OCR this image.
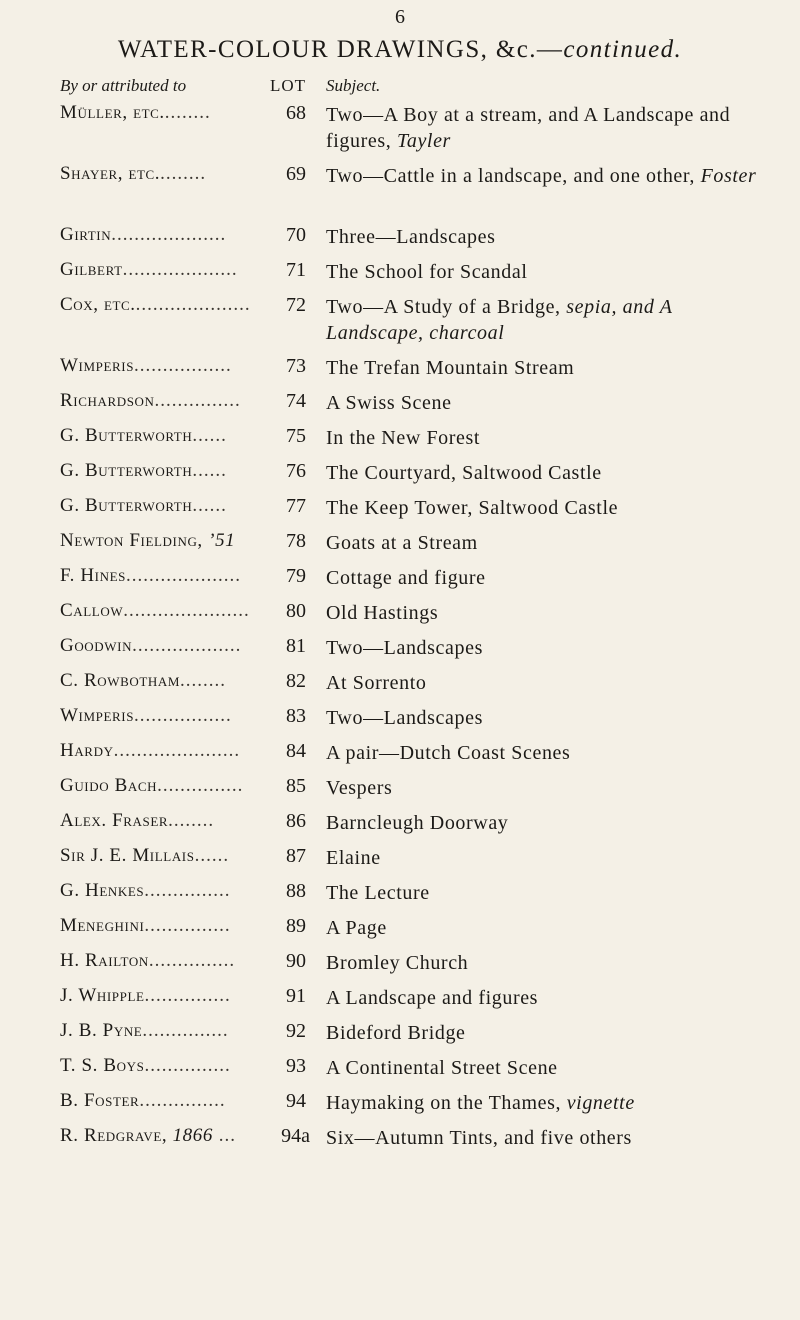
6
WATER-COLOUR DRAWINGS, &c.—continued.
By or attributed to	LOT Subject.
Müller, etc.........	68 Two—A Boy at a stream, and A Landscape and figures, Tayler
Shayer, etc.........	69 Two—Cattle in a landscape, and one other, Foster
Girtin....................	70 Three—Landscapes
Gilbert....................	71 The School for Scandal
Cox, etc.....................	72 Two—A Study of a Bridge, sepia, and A Landscape, charcoal
Wimperis.................	73 The Trefan Mountain Stream
Richardson...............	74 A Swiss Scene
G. Butterworth......	75 In the New Forest
G. Butterworth......	76 The Courtyard, Saltwood Castle
G. Butterworth......	77 The Keep Tower, Saltwood Castle
Newton Fielding, ’51	78 Goats at a Stream
F. Hines....................	79 Cottage and figure
Callow......................	80 Old Hastings
Goodwin...................	81 Two—Landscapes
C. Rowbotham........	82 At Sorrento
Wimperis.................	83 Two—Landscapes
Hardy......................	84 A pair—Dutch Coast Scenes
Guido Bach...............	85 Vespers
Alex. Fraser........	86 Barncleugh Doorway
Sir J. E. Millais......	87 Elaine
G. Henkes...............	88 The Lecture
Meneghini...............	89 A Page
H. Railton...............	90 Bromley Church
J. Whipple...............	91 A Landscape and figures
J. B. Pyne...............	92 Bideford Bridge
T. S. Boys...............	93 A Continental Street Scene
B. Foster...............	94 Haymaking on the Thames, vignette
R. Redgrave, 1866 ...	94a Six—Autumn Tints, and five others
